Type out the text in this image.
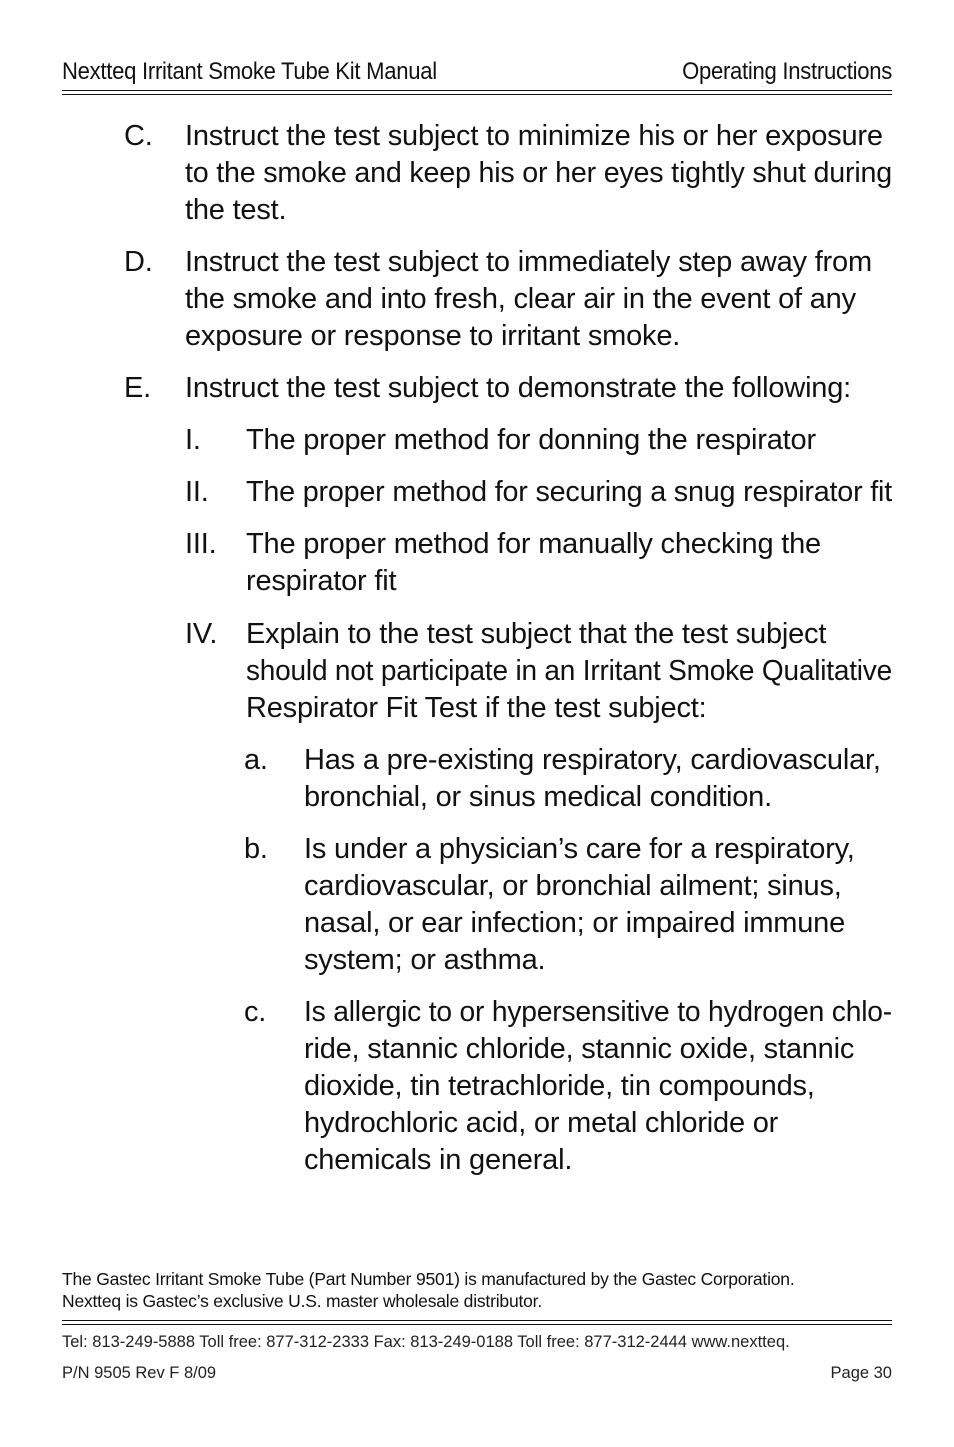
Nextteq Irritant Smoke Tube Kit Manual	Operating Instructions
C. Instruct the test subject to minimize his or her exposure
to the smoke and keep his or her eyes tightly shut during
the test.
D. Instruct the test subject to immediately step away from
the smoke and into fresh, clear air in the event of any
exposure or response to irritant smoke.
E. Instruct the test subject to demonstrate the following:
I. The proper method for donning the respirator
II. The proper method for securing a snug respirator fit
III. The proper method for manually checking the
respirator fit
IV. Explain to the test subject that the test subject
should not participate in an Irritant Smoke Qualitative
Respirator Fit Test if the test subject:
a. Has a pre-existing respiratory, cardiovascular,
bronchial, or sinus medical condition.
b. Is under a physician’s care for a respiratory,
cardiovascular, or bronchial ailment; sinus,
nasal, or ear infection; or impaired immune
system; or asthma.
c. Is allergic to or hypersensitive to hydrogen chlo-
ride, stannic chloride, stannic oxide, stannic
dioxide, tin tetrachloride, tin compounds,
hydrochloric acid, or metal chloride or
chemicals in general.
The Gastec Irritant Smoke Tube (Part Number 9501) is manufactured by the Gastec Corporation.
Nextteq is Gastec’s exclusive U.S. master wholesale distributor.
Tel: 813-249-5888 Toll free: 877-312-2333 Fax: 813-249-0188 Toll free: 877-312-2444 www.nextteq.
P/N 9505 Rev F 8/09	Page 30
